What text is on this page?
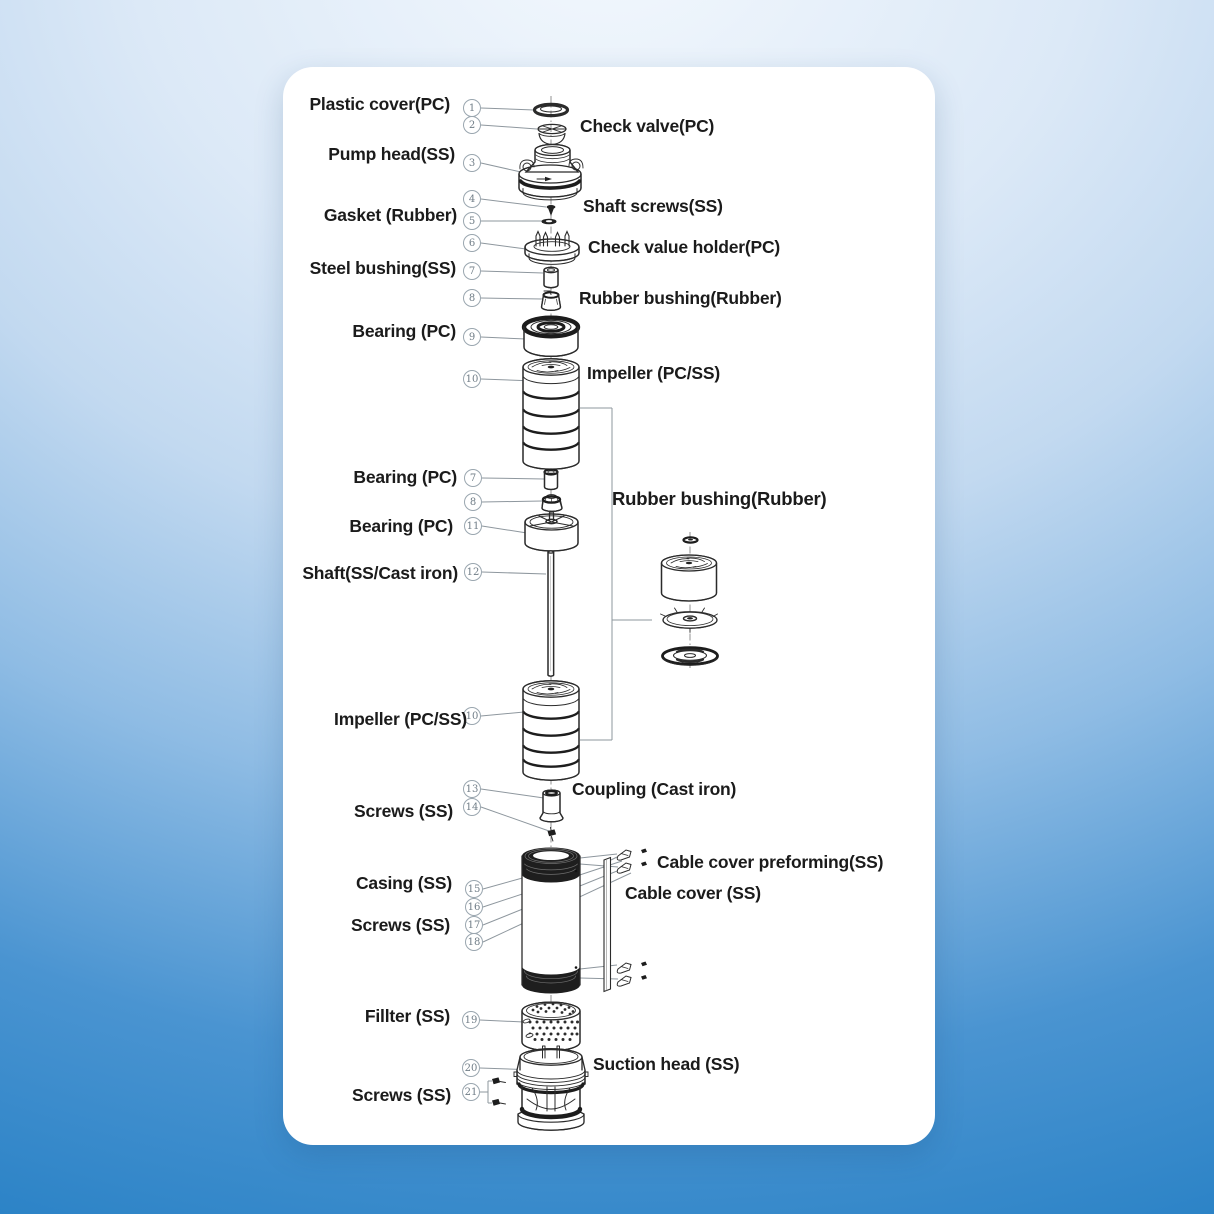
1
2
3
4
5
6
7
8
9
10
7
8
11
12
10
13
14
15
16
17
18
19
20
21
Plastic cover(PC)
Check valve(PC)
Pump head(SS)
Shaft screws(SS)
Gasket (Rubber)
Check value holder(PC)
Steel bushing(SS)
Rubber bushing(Rubber)
Bearing (PC)
Impeller (PC/SS)
Bearing (PC)
Rubber bushing(Rubber)
Bearing (PC)
Shaft(SS/Cast iron)
Impeller (PC/SS)
Coupling (Cast iron)
Screws (SS)
Cable cover preforming(SS)
Casing (SS)	Cable cover (SS)
Screws (SS)
Fillter (SS)
Suction head (SS)
Screws (SS)
